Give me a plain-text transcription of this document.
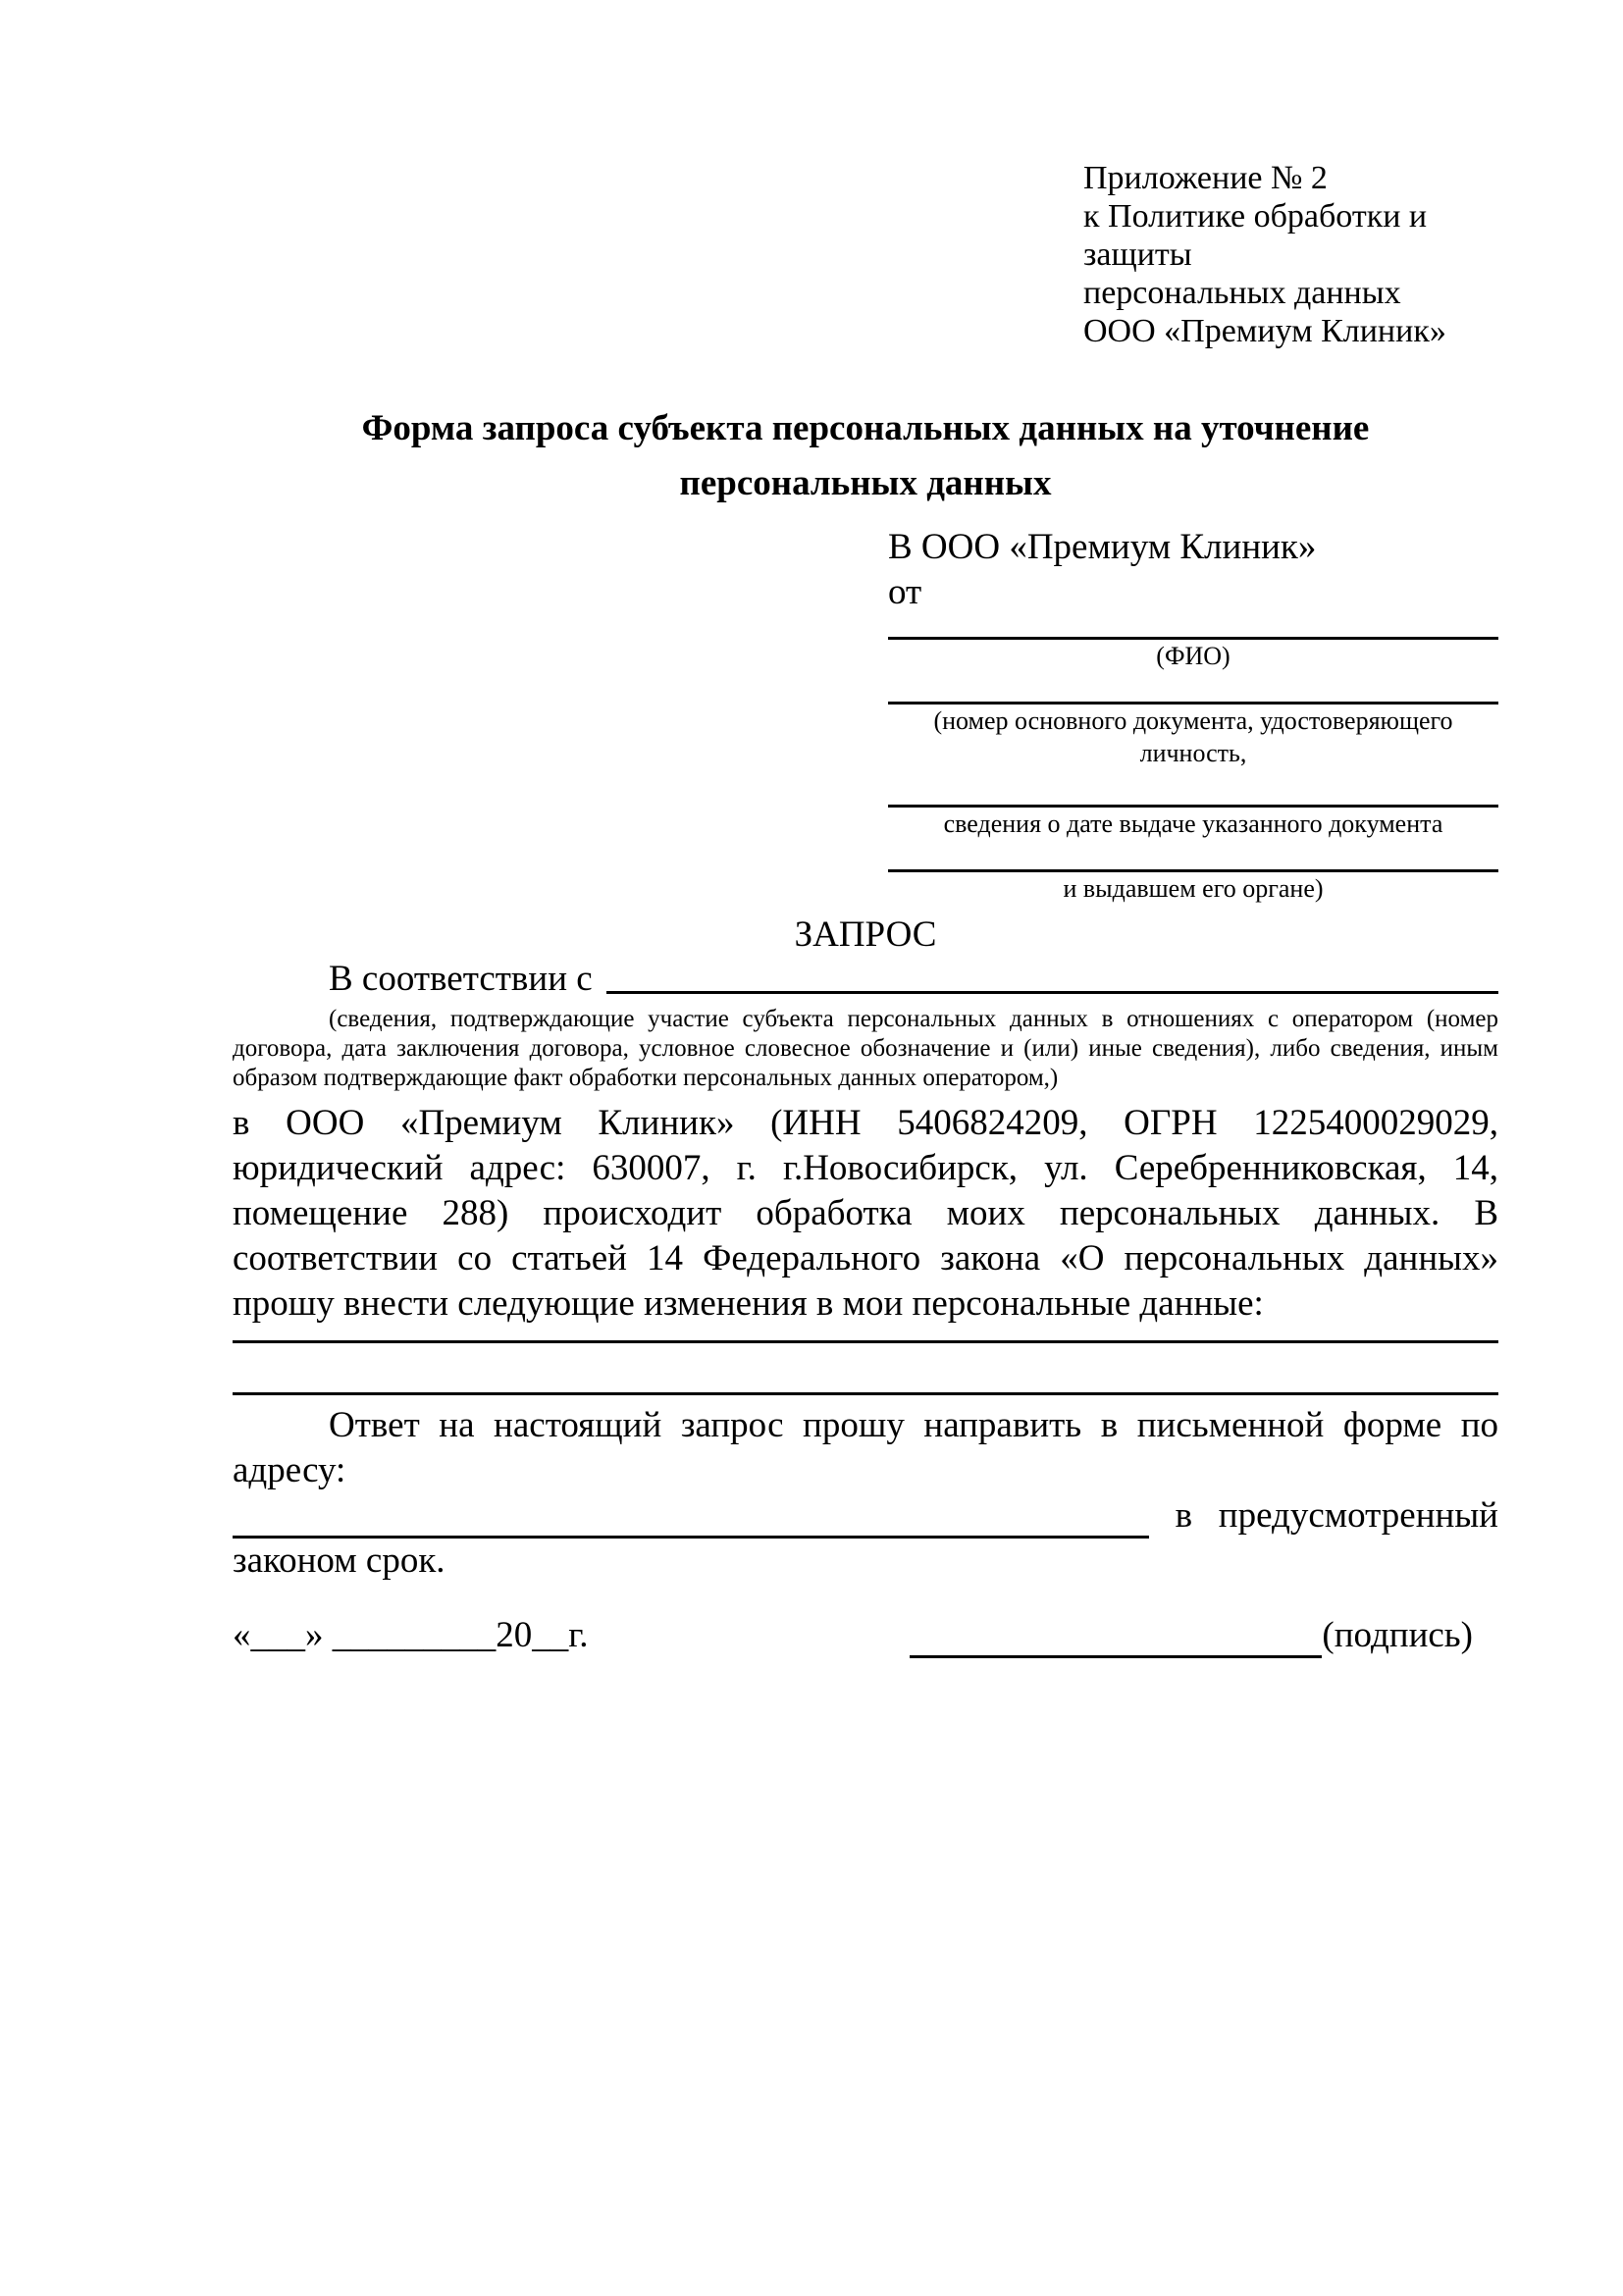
Приложение № 2
к Политике обработки и защиты
персональных данных
ООО «Премиум Клиник»
Форма запроса субъекта персональных данных на уточнение
персональных данных
В ООО «Премиум Клиник»
от
(ФИО)
(номер основного документа, удостоверяющего личность,
сведения о дате выдаче указанного документа
и выдавшем его органе)
ЗАПРОС
В соответствии с

(сведения, подтверждающие участие субъекта персональных данных в отношениях с оператором (номер договора, дата заключения договора, условное словесное обозначение и (или) иные сведения), либо сведения, иным образом подтверждающие факт обработки персональных данных оператором,)

в ООО «Премиум Клиник» (ИНН 5406824209, ОГРН 1225400029029, юридический адрес: 630007, г. г.Новосибирск, ул. Серебренниковская, 14, помещение 288) происходит обработка моих персональных данных. В соответствии со статьей 14 Федерального закона «О персональных данных» прошу внести следующие изменения в мои персональные данные:

Ответ на настоящий запрос прошу направить в письменной форме по адресу:
в предусмотренный
законом срок.
«___» _________20__г.	(подпись)
